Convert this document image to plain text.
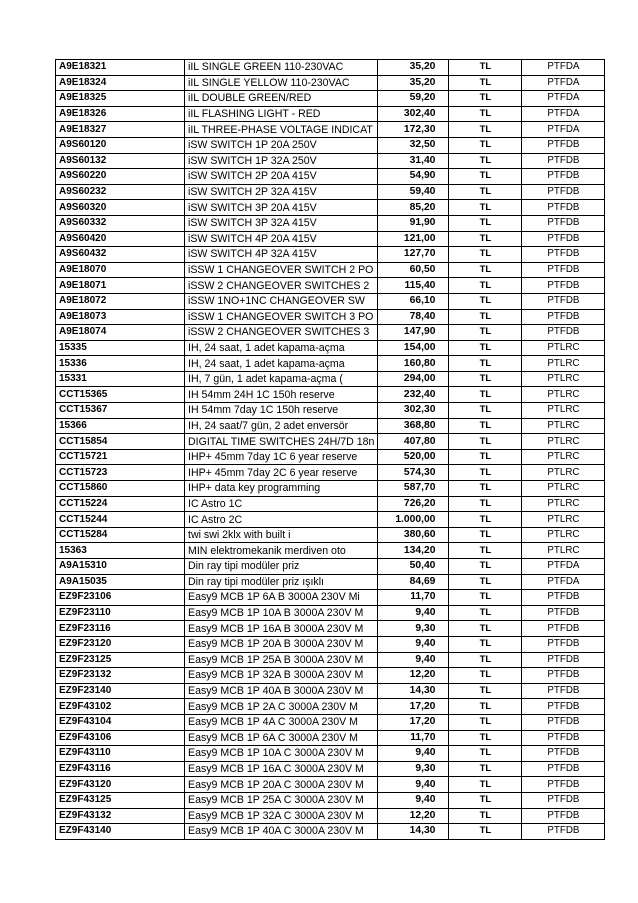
A9E18321	iIL SINGLE GREEN 110-230VAC	35,20	TL	PTFDA
A9E18324	iIL SINGLE YELLOW 110-230VAC	35,20	TL	PTFDA
A9E18325	iIL DOUBLE GREEN/RED	59,20	TL	PTFDA
A9E18326	iIL FLASHING LIGHT - RED	302,40	TL	PTFDA
A9E18327	iIL THREE-PHASE VOLTAGE INDICAT	172,30	TL	PTFDA
A9S60120	iSW SWITCH 1P 20A 250V	32,50	TL	PTFDB
A9S60132	iSW SWITCH 1P 32A 250V	31,40	TL	PTFDB
A9S60220	iSW SWITCH 2P 20A 415V	54,90	TL	PTFDB
A9S60232	iSW SWITCH 2P 32A 415V	59,40	TL	PTFDB
A9S60320	iSW SWITCH 3P 20A 415V	85,20	TL	PTFDB
A9S60332	iSW SWITCH 3P 32A 415V	91,90	TL	PTFDB
A9S60420	iSW SWITCH 4P 20A 415V	121,00	TL	PTFDB
A9S60432	iSW SWITCH 4P 32A 415V	127,70	TL	PTFDB
A9E18070	iSSW 1 CHANGEOVER SWITCH 2 PO	60,50	TL	PTFDB
A9E18071	iSSW 2 CHANGEOVER SWITCHES 2	115,40	TL	PTFDB
A9E18072	iSSW 1NO+1NC CHANGEOVER SW	66,10	TL	PTFDB
A9E18073	iSSW 1 CHANGEOVER SWITCH 3 PO	78,40	TL	PTFDB
A9E18074	iSSW 2 CHANGEOVER SWITCHES 3	147,90	TL	PTFDB
15335	IH, 24 saat, 1 adet kapama-açma	154,00	TL	PTLRC
15336	IH, 24 saat, 1 adet kapama-açma	160,80	TL	PTLRC
15331	IH, 7 gün, 1 adet kapama-açma (	294,00	TL	PTLRC
CCT15365	IH 54mm 24H 1C 150h reserve	232,40	TL	PTLRC
CCT15367	IH 54mm 7day 1C 150h reserve	302,30	TL	PTLRC
15366	IH, 24 saat/7 gün, 2 adet enversör	368,80	TL	PTLRC
CCT15854	DIGITAL TIME SWITCHES 24H/7D 18n	407,80	TL	PTLRC
CCT15721	IHP+ 45mm 7day 1C 6 year reserve	520,00	TL	PTLRC
CCT15723	IHP+ 45mm 7day 2C 6 year reserve	574,30	TL	PTLRC
CCT15860	IHP+ data key programming	587,70	TL	PTLRC
CCT15224	IC Astro 1C	726,20	TL	PTLRC
CCT15244	IC Astro 2C	1.000,00	TL	PTLRC
CCT15284	twi swi 2klx with built i	380,60	TL	PTLRC
15363	MIN elektromekanik merdiven oto	134,20	TL	PTLRC
A9A15310	Din ray tipi modüler priz	50,40	TL	PTFDA
A9A15035	Din ray tipi modüler priz ışıklı	84,69	TL	PTFDA
EZ9F23106	Easy9 MCB 1P 6A B 3000A 230V Mi	11,70	TL	PTFDB
EZ9F23110	Easy9 MCB 1P 10A B 3000A 230V M	9,40	TL	PTFDB
EZ9F23116	Easy9 MCB 1P 16A B 3000A 230V M	9,30	TL	PTFDB
EZ9F23120	Easy9 MCB 1P 20A B 3000A 230V M	9,40	TL	PTFDB
EZ9F23125	Easy9 MCB 1P 25A B 3000A 230V M	9,40	TL	PTFDB
EZ9F23132	Easy9 MCB 1P 32A B 3000A 230V M	12,20	TL	PTFDB
EZ9F23140	Easy9 MCB 1P 40A B 3000A 230V M	14,30	TL	PTFDB
EZ9F43102	Easy9 MCB 1P 2A C 3000A 230V M	17,20	TL	PTFDB
EZ9F43104	Easy9 MCB 1P 4A C 3000A 230V M	17,20	TL	PTFDB
EZ9F43106	Easy9 MCB 1P 6A C 3000A 230V M	11,70	TL	PTFDB
EZ9F43110	Easy9 MCB 1P 10A C 3000A 230V M	9,40	TL	PTFDB
EZ9F43116	Easy9 MCB 1P 16A C 3000A 230V M	9,30	TL	PTFDB
EZ9F43120	Easy9 MCB 1P 20A C 3000A 230V M	9,40	TL	PTFDB
EZ9F43125	Easy9 MCB 1P 25A C 3000A 230V M	9,40	TL	PTFDB
EZ9F43132	Easy9 MCB 1P 32A C 3000A 230V M	12,20	TL	PTFDB
EZ9F43140	Easy9 MCB 1P 40A C 3000A 230V M	14,30	TL	PTFDB
